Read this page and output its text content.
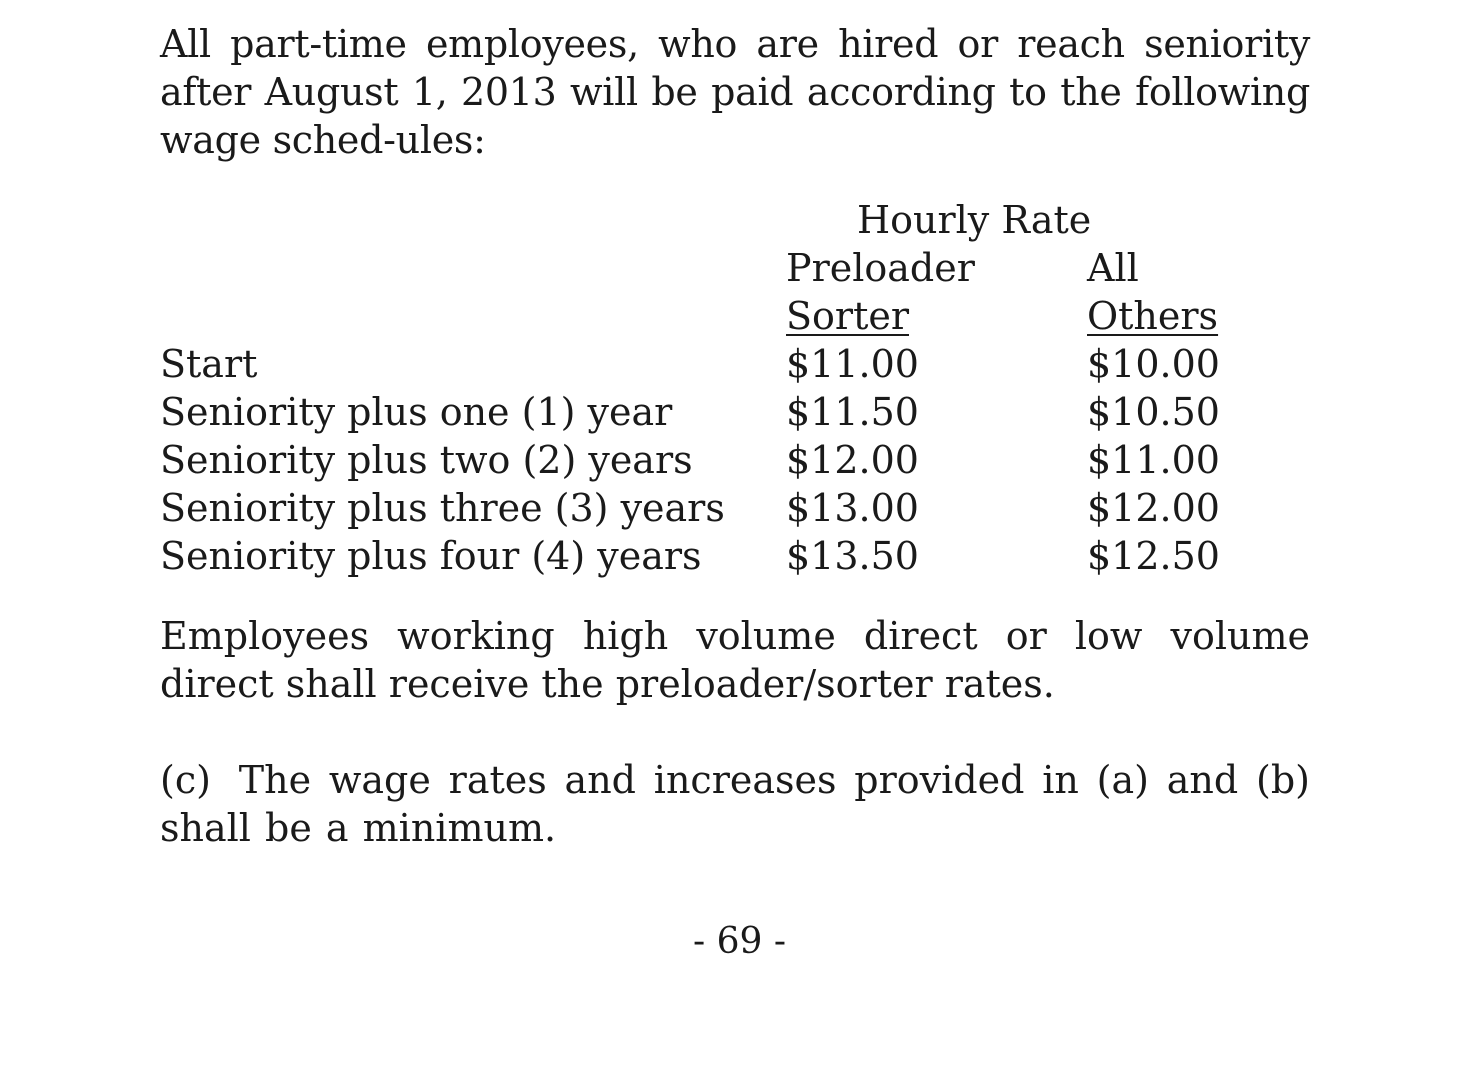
All part-time employees, who are hired or reach seniority after August 1, 2013 will be paid according to the following wage sched-ules:

Hourly Rate
Preloader
Sorter
All
Others
Start	$11.00	$10.00
Seniority plus one (1) year	$11.50	$10.50
Seniority plus two (2) years $12.00	$11.00
Seniority plus three (3) years $13.00	$12.00
Seniority plus four (4) years $13.50	$12.50

Employees working high volume direct or low volume direct shall receive the preloader/sorter rates.

(c) The wage rates and increases provided in (a) and (b) shall be a minimum.

- 69 -
